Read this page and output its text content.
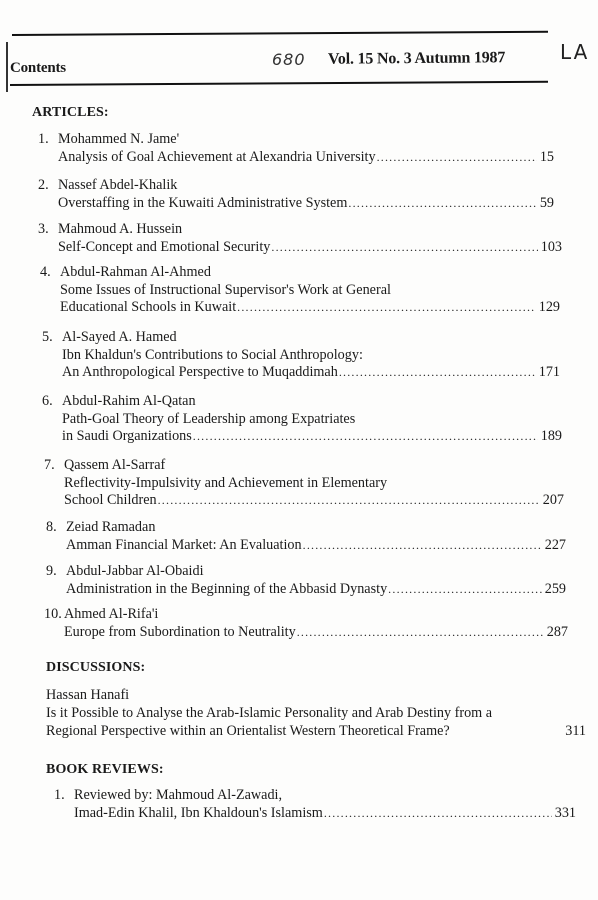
Contents	680 Vol. 15 No. 3 Autumn 1987	LA
ARTICLES:
1. Mohammed N. Jame'
Analysis of Goal Achievement at Alexandria University .....	15
2. Nassef Abdel-Khalik
Overstaffing in the Kuwaiti Administrative System .....	59
3. Mahmoud A. Hussein
Self-Concept and Emotional Security .....	103
4. Abdul-Rahman Al-Ahmed
Some Issues of Instructional Supervisor's Work at General
Educational Schools in Kuwait .....	129
5. Al-Sayed A. Hamed
Ibn Khaldun's Contributions to Social Anthropology:
An Anthropological Perspective to Muqaddimah .....	171
6. Abdul-Rahim Al-Qatan
Path-Goal Theory of Leadership among Expatriates
in Saudi Organizations .....	189
7. Qassem Al-Sarraf
Reflectivity-Impulsivity and Achievement in Elementary
School Children .....	207
8. Zeiad Ramadan
Amman Financial Market: An Evaluation .....	227
9. Abdul-Jabbar Al-Obaidi
Administration in the Beginning of the Abbasid Dynasty .....	259
10. Ahmed Al-Rifa'i
Europe from Subordination to Neutrality .....	287
DISCUSSIONS:
Hassan Hanafi
Is it Possible to Analyse the Arab-Islamic Personality and Arab Destiny from a
Regional Perspective within an Orientalist Western Theoretical Frame?	311
BOOK REVIEWS:
1. Reviewed by: Mahmoud Al-Zawadi,
Imad-Edin Khalil, Ibn Khaldoun's Islamism .....	331
